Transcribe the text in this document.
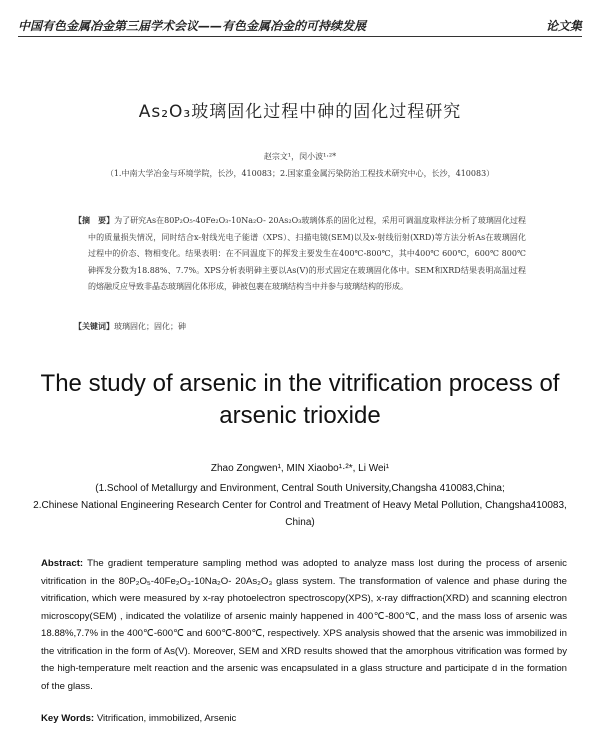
中国有色金属冶金第三届学术会议——有色金属冶金的可持续发展	论文集
As₂O₃玻璃固化过程中砷的固化过程研究
赵宗文¹，闵小波¹·²*
（1.中南大学冶金与环境学院，长沙，410083；2.国家重金属污染防治工程技术研究中心，长沙，410083）
【摘　要】为了研究As在80P₂O₅-40Fe₂O₃-10Na₂O- 20As₂O₃玻璃体系的固化过程，采用可调温度取样法分析了玻璃固化过程中的质量损失情况，同时结合x-射线光电子能谱（XPS）、扫描电镜(SEM)以及x-射线衍射(XRD)等方法分析As在玻璃固化过程中的价态、物相变化。结果表明：在不同温度下的挥发主要发生在400℃-800℃，其中400℃ 600℃，600℃ 800℃砷挥发分数为18.88%、7.7%。XPS分析表明砷主要以As(V)的形式固定在玻璃固化体中。SEM和XRD结果表明高温过程的熔融反应导致非晶态玻璃固化体形成，砷被包裹在玻璃结构当中并参与玻璃结构的形成。
【关键词】玻璃固化；固化；砷
The study of arsenic in the vitrification process of arsenic trioxide
Zhao Zongwen¹, MIN Xiaobo¹·²*, Li Wei¹
(1.School of Metallurgy and Environment, Central South University,Changsha 410083,China;
2.Chinese National Engineering Research Center for Control and Treatment of Heavy Metal Pollution, Changsha410083, China)
Abstract: The gradient temperature sampling method was adopted to analyze mass lost during the process of arsenic vitrification in the 80P₂O₅-40Fe₂O₃-10Na₂O- 20As₂O₃ glass system. The transformation of valence and phase during the vitrification, which were measured by x-ray photoelectron spectroscopy(XPS), x-ray diffraction(XRD) and scanning electron microscopy(SEM) , indicated the volatilize of arsenic mainly happened in 400℃-800℃, and the mass loss of arsenic was 18.88%,7.7% in the 400℃-600℃ and 600℃-800℃, respectively. XPS analysis showed that the arsenic was immobilized in the vitrification in the form of As(V). Moreover, SEM and XRD results showed that the amorphous vitrification was formed by the high-temperature melt reaction and the arsenic was encapsulated in a glass structure and participate d in the formation of the glass.
Key Words: Vitrification, immobilized, Arsenic
